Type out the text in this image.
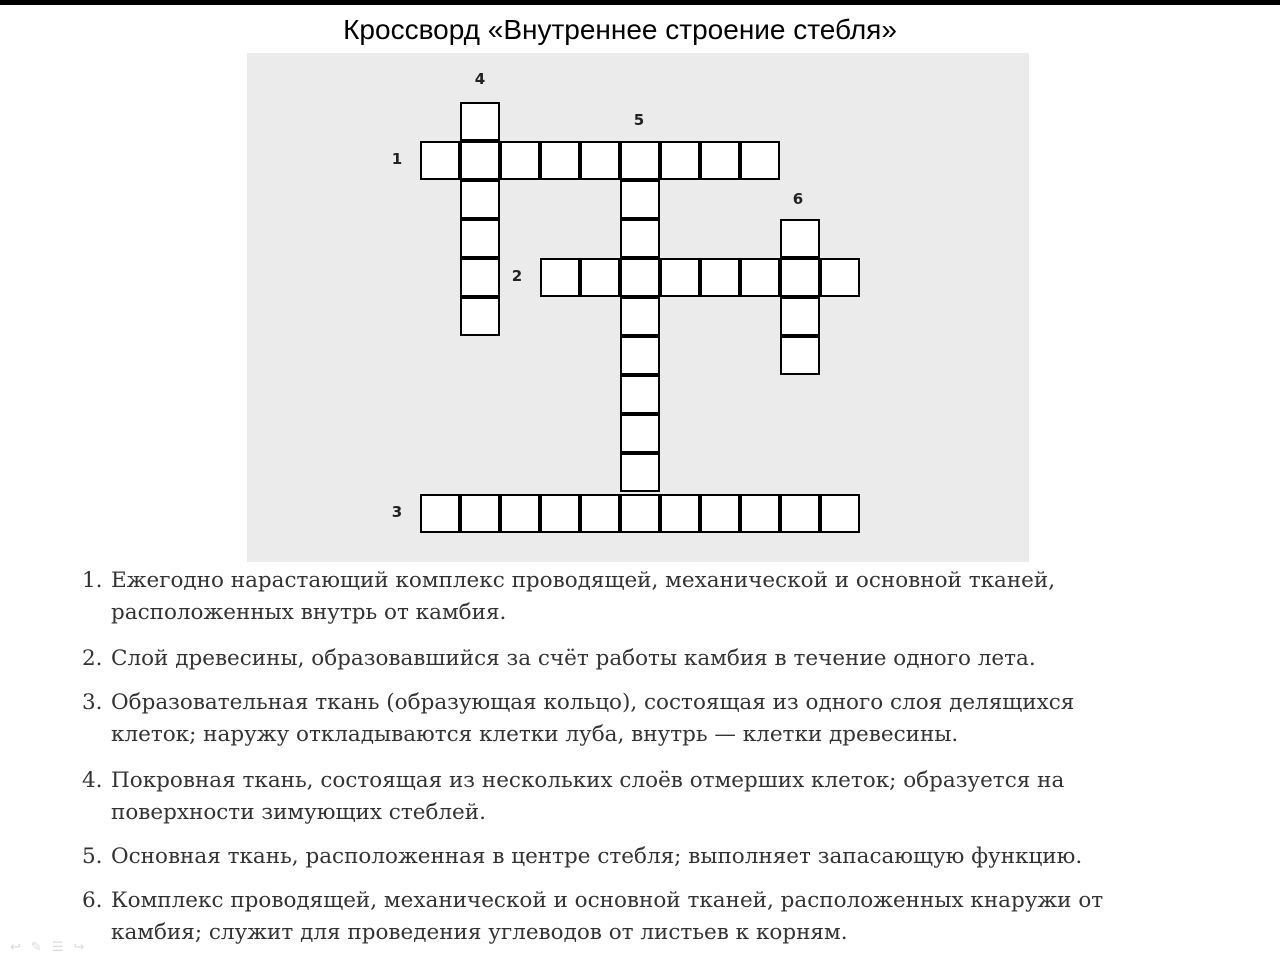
Кроссворд «Внутреннее строение стебля»
1
2
3
4
5
6
1. Ежегодно нарастающий комплекс проводящей, механической и основной тканей,
расположенных внутрь от камбия.
2. Слой древесины, образовавшийся за счёт работы камбия в течение одного лета.
3. Образовательная ткань (образующая кольцо), состоящая из одного слоя делящихся
клеток; наружу откладываются клетки луба, внутрь — клетки древесины.
4. Покровная ткань, состоящая из нескольких слоёв отмерших клеток; образуется на
поверхности зимующих стеблей.
5. Основная ткань, расположенная в центре стебля; выполняет запасающую функцию.
6. Комплекс проводящей, механической и основной тканей, расположенных кнаружи от
камбия; служит для проведения углеводов от листьев к корням.
↩ ✎ ☰ ↪
